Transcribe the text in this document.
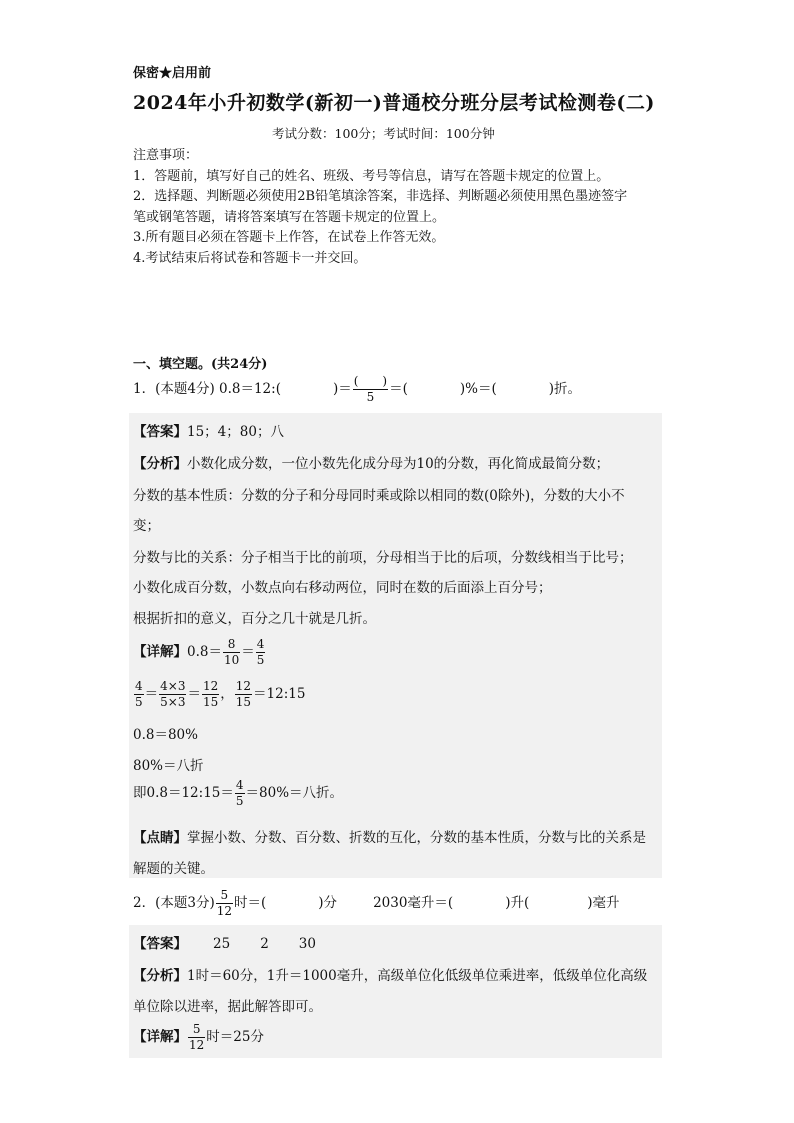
保密★启用前
2024年小升初数学(新初一)普通校分班分层考试检测卷(二)
考试分数：100分；考试时间：100分钟
注意事项：
1．答题前，填写好自己的姓名、班级、考号等信息，请写在答题卡规定的位置上。
2．选择题、判断题必须使用2B铅笔填涂答案，非选择、判断题必须使用黑色墨迹签字
笔或钢笔答题，请将答案填写在答题卡规定的位置上。
3.所有题目必须在答题卡上作答，在试卷上作答无效。
4.考试结束后将试卷和答题卡一并交回。
一、填空题。(共24分)
1．(本题4分) 0.8＝12:(	)＝ $\frac{( )}{5}$ ＝(	)%＝(	)折。
【答案】15；4；80；八
【分析】小数化成分数，一位小数先化成分母为10的分数，再化简成最简分数；
分数的基本性质：分数的分子和分母同时乘或除以相同的数(0除外)，分数的大小不
变；
分数与比的关系：分子相当于比的前项，分母相当于比的后项，分数线相当于比号；
小数化成百分数，小数点向右移动两位，同时在数的后面添上百分号；
根据折扣的意义，百分之几十就是几折。
【详解】$0.8= \frac{8}{10} = \frac{4}{5}$
$\frac{4}{5} = \frac{4\times 3}{5\times 3} = \frac{12}{15}$ ， $\frac{12}{15}$ ＝12:15
0.8＝80%
80%＝八折
即0.8＝12:15＝ $\frac{4}{5} =80\%=$八折。
【点睛】掌握小数、分数、百分数、折数的互化，分数的基本性质，分数与比的关系是
解题的关键。
2．(本题3分) $\frac{5}{12}$ 时＝(	)分	2030毫升＝(	)升(	)毫升
【答案】 25 2 30
【分析】1时＝60分，1升＝1000毫升，高级单位化低级单位乘进率，低级单位化高级
单位除以进率，据此解答即可。
【详解】 $\frac{5}{12}$ 时＝25分
